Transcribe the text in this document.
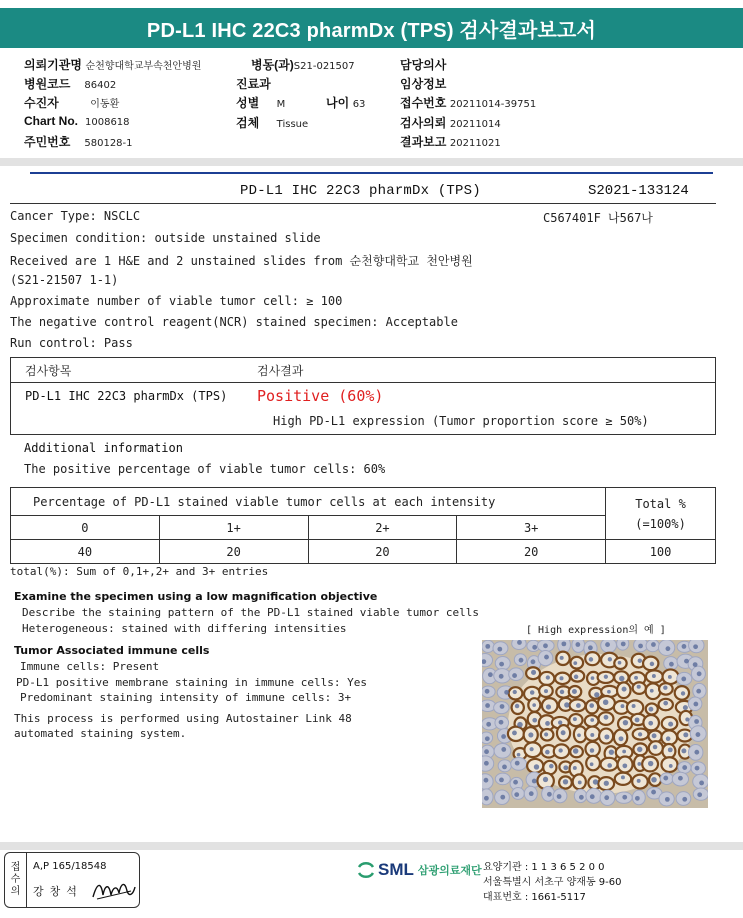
PD-L1 IHC 22C3 pharmDx (TPS) 검사결과보고서
의뢰기관명 순천향대학교부속천안병원	병동(과)S21-021507	담당의사
병원코드 86402	진료과	임상정보
수진자	이동환	성별 M	나이 63	접수번호 20211014-39751
Chart No. 1008618	검체 Tissue	검사의뢰 20211014
주민번호 580128-1	결과보고 20211021
PD-L1 IHC 22C3 pharmDx (TPS)	S2021-133124
Cancer Type: NSCLC	C567401F 나567나
Specimen condition: outside unstained slide
Received are 1 H&E and 2 unstained slides from 순천향대학교 천안병원
(S21-21507 1-1)
Approximate number of viable tumor cell: ≥ 100
The negative control reagent(NCR) stained specimen: Acceptable
Run control: Pass
검사항목	검사결과
PD-L1 IHC 22C3 pharmDx (TPS) Positive (60%)
High PD-L1 expression (Tumor proportion score ≥ 50%)
Additional information
The positive percentage of viable tumor cells: 60%
Percentage of PD-L1 stained viable tumor cells at each intensity				Total %
(=100%)

0	1+	2+	3+	
40	20	20	20	100
total(%): Sum of 0,1+,2+ and 3+ entries
Examine the specimen using a low magnification objective
Describe the staining pattern of the PD-L1 stained viable tumor cells
Heterogeneous: stained with differing intensities	[ High expression의 예 ]
Tumor Associated immune cells
Immune cells: Present
PD-L1 positive membrane staining in immune cells: Yes
Predominant staining intensity of immune cells: 3+
This process is performed using Autostainer Link 48
automated staining system.
접
수
의
A,P 165/18548
강창석
SML 삼광의료재단 요양기관 : 1 1 3 6 5 2 0 0
서울특별시 서초구 양재동 9-60
대표번호 : 1661-5117
